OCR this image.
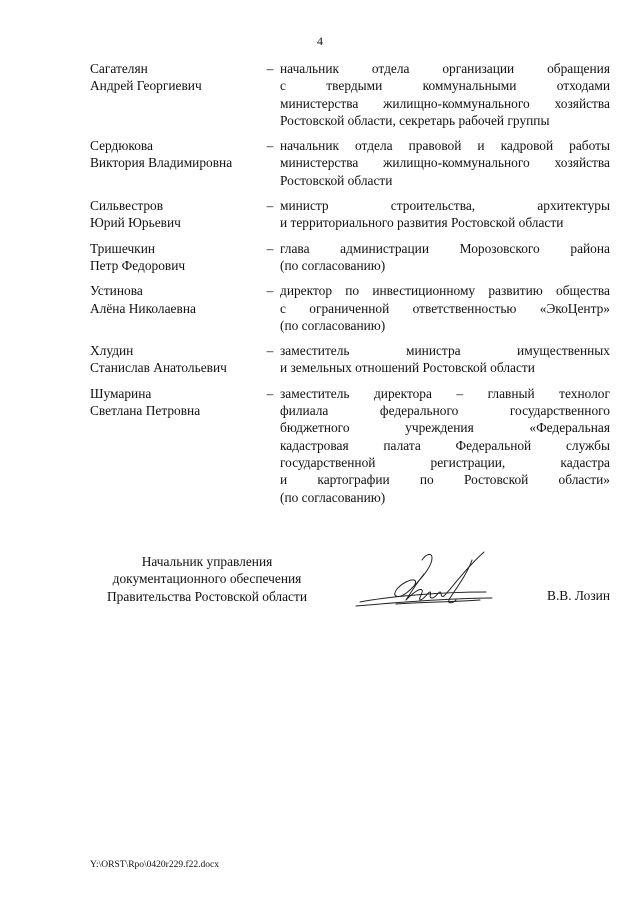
4
Сагателян
Андрей Георгиевич
– начальник отдела организации обращения
с твердыми коммунальными отходами
министерства жилищно-коммунального хозяйства
Ростовской области, секретарь рабочей группы
Сердюкова
Виктория Владимировна
– начальник отдела правовой и кадровой работы
министерства жилищно-коммунального хозяйства
Ростовской области
Сильвестров
Юрий Юрьевич
– министр строительства, архитектуры
и территориального развития Ростовской области
Тришечкин
Петр Федорович
– глава администрации Морозовского района
(по согласованию)
Устинова
Алёна Николаевна
– директор по инвестиционному развитию общества
с ограниченной ответственностью «ЭкоЦентр»
(по согласованию)
Хлудин
Станислав Анатольевич
– заместитель министра имущественных
и земельных отношений Ростовской области
Шумарина
Светлана Петровна
– заместитель директора – главный технолог
филиала федерального государственного
бюджетного учреждения «Федеральная
кадастровая палата Федеральной службы
государственной регистрации, кадастра
и картографии по Ростовской области»
(по согласованию)
Начальник управления
документационного обеспечения
Правительства Ростовской области	В.В. Лозин
Y:\ORST\Rpo\0420r229.f22.docx
